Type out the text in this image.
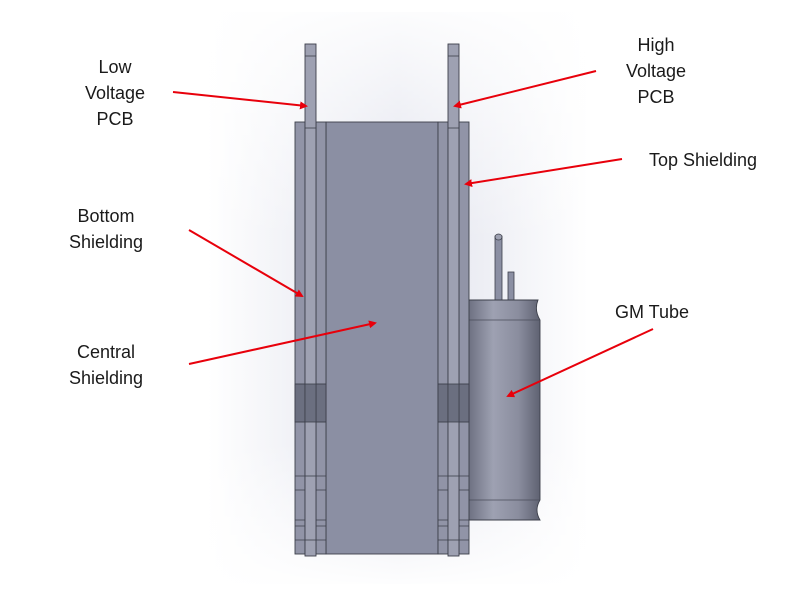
Low
Voltage
PCB
High
Voltage
PCB
Top Shielding
Bottom
Shielding
Central
Shielding
GM Tube
